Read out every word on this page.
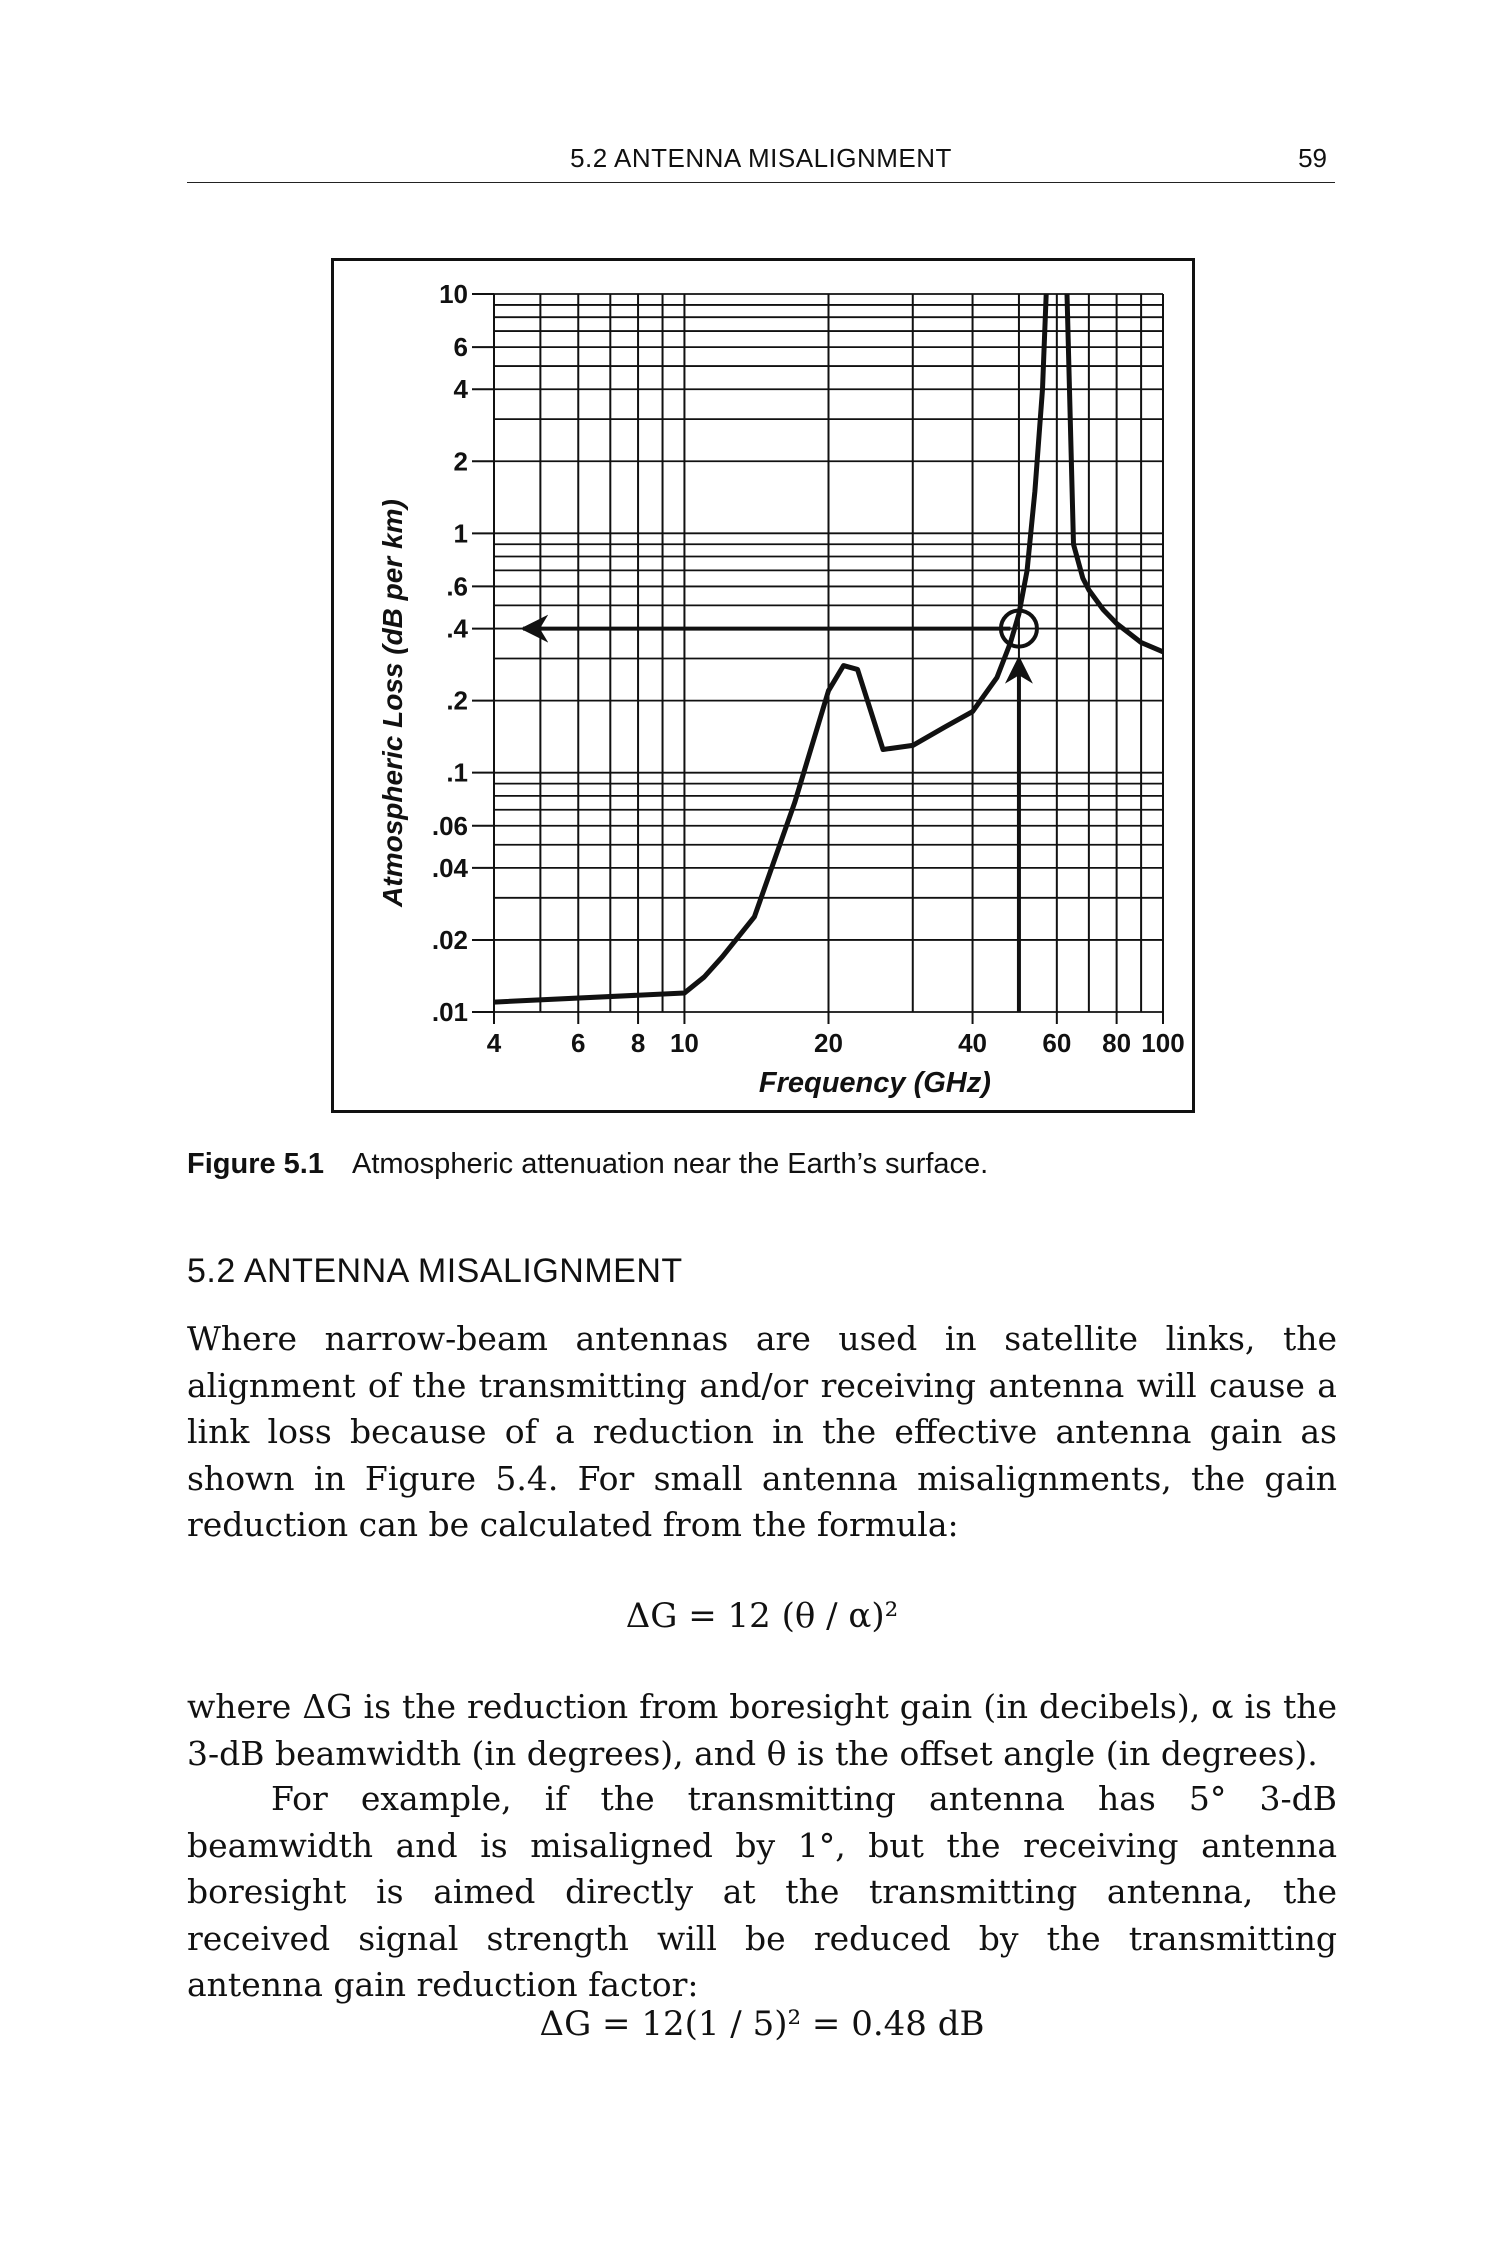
5.2 ANTENNA MISALIGNMENT	59
10
6
4
2
1
.6
.4
.2
.1
.06
.04
.02
.01
4	6 8 10	20	40 60 80 100
Frequency (GHz)
Atmospheric Loss (dB per km)
Figure 5.1 Atmospheric attenuation near the Earth’s surface.
5.2 ANTENNA MISALIGNMENT

Where narrow-beam antennas are used in satellite links, the alignment of the transmitting and/or receiving antenna will cause a link loss because of a reduction in the effective antenna gain as shown in Figure 5.4. For small antenna misalignments, the gain reduction can be calculated from the formula:

ΔG = 12 (θ / α)²

where ΔG is the reduction from boresight gain (in decibels), α is the 3-dB beamwidth (in degrees), and θ is the offset angle (in degrees).

For example, if the transmitting antenna has 5° 3-dB beamwidth and is misaligned by 1°, but the receiving antenna boresight is aimed directly at the transmitting antenna, the received signal strength will be reduced by the transmitting antenna gain reduction factor:

ΔG = 12(1 / 5)² = 0.48 dB
